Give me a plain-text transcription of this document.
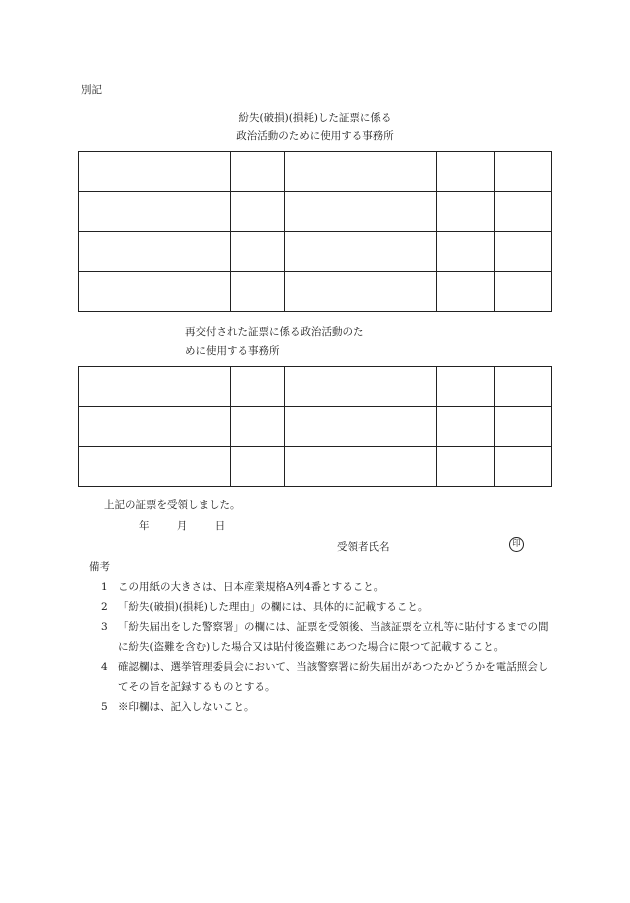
別記
紛失(破損)(損耗)した証票に係る
政治活動のために使用する事務所

再交付された証票に係る政治活動のた
めに使用する事務所

上記の証票を受領しました。
年	月	日
受領者氏名	印
備考
1 この用紙の大きさは、日本産業規格A列4番とすること。
2 「紛失(破損)(損耗)した理由」の欄には、具体的に記載すること。
3 「紛失届出をした警察署」の欄には、証票を受領後、当該証票を立札等に貼付するまでの間に紛失(盗難を含む)した場合又は貼付後盗難にあつた場合に限つて記載すること。
4 確認欄は、選挙管理委員会において、当該警察署に紛失届出があつたかどうかを電話照会してその旨を記録するものとする。
5 ※印欄は、記入しないこと。
